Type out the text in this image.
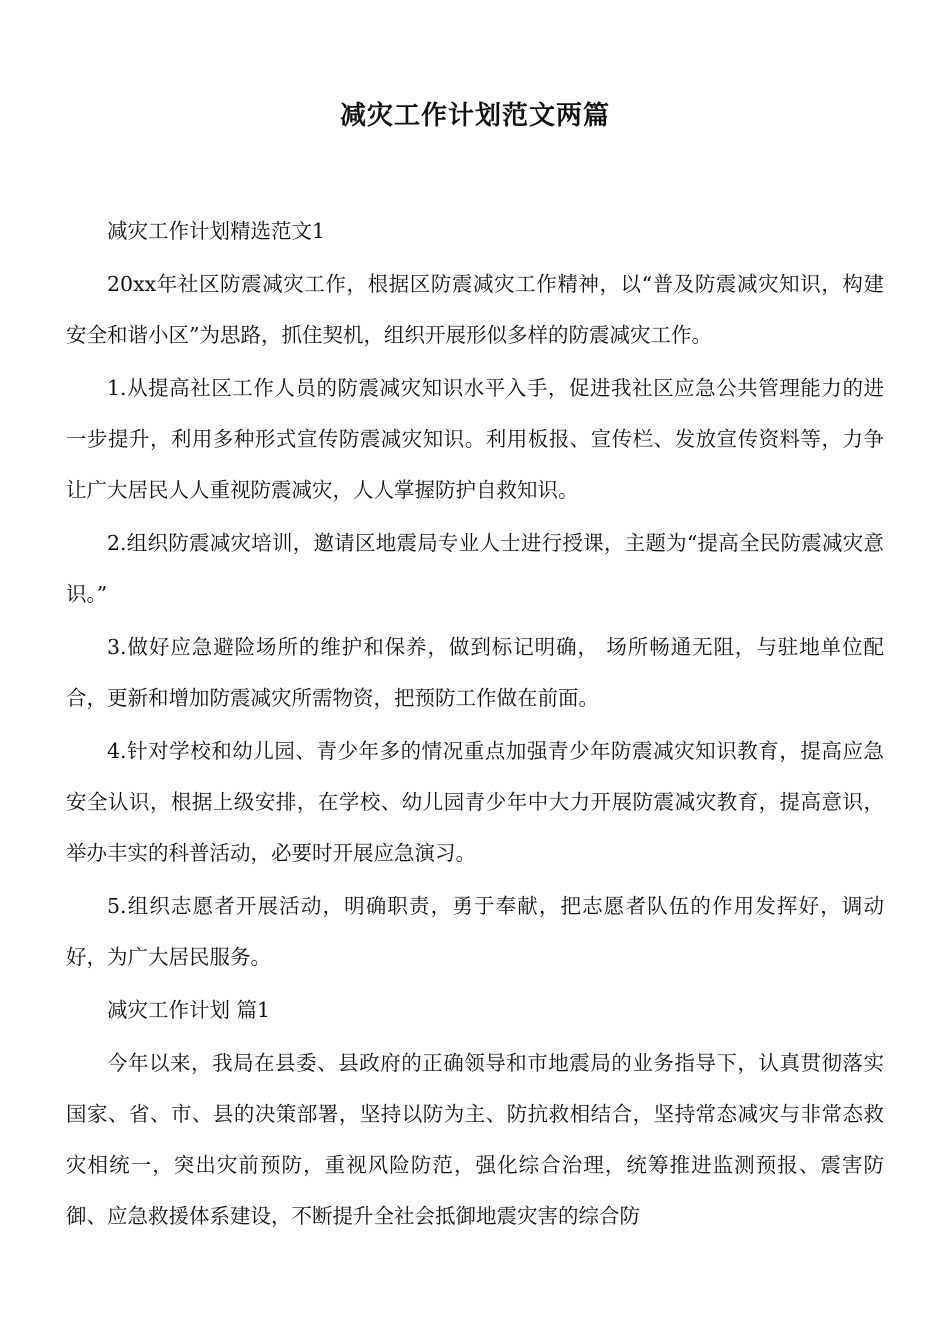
减灾工作计划范文两篇

减灾工作计划精选范文1

20xx年社区防震减灾工作，根据区防震减灾工作精神，以“普及防震减灾知识，构建安全和谐小区”为思路，抓住契机，组织开展形似多样的防震减灾工作。

1.从提高社区工作人员的防震减灾知识水平入手，促进我社区应急公共管理能力的进一步提升，利用多种形式宣传防震减灾知识。利用板报、宣传栏、发放宣传资料等，力争让广大居民人人重视防震减灾，人人掌握防护自救知识。

2.组织防震减灾培训，邀请区地震局专业人士进行授课，主题为“提高全民防震减灾意识。”

3.做好应急避险场所的维护和保养，做到标记明确， 场所畅通无阻，与驻地单位配合，更新和增加防震减灾所需物资，把预防工作做在前面。

4.针对学校和幼儿园、青少年多的情况重点加强青少年防震减灾知识教育，提高应急安全认识，根据上级安排，在学校、幼儿园青少年中大力开展防震减灾教育，提高意识，举办丰实的科普活动，必要时开展应急演习。

5.组织志愿者开展活动，明确职责，勇于奉献，把志愿者队伍的作用发挥好，调动好，为广大居民服务。

减灾工作计划 篇1

今年以来，我局在县委、县政府的正确领导和市地震局的业务指导下，认真贯彻落实国家、省、市、县的决策部署，坚持以防为主、防抗救相结合，坚持常态减灾与非常态救灾相统一，突出灾前预防，重视风险防范，强化综合治理，统筹推进监测预报、震害防御、应急救援体系建设，不断提升全社会抵御地震灾害的综合防
